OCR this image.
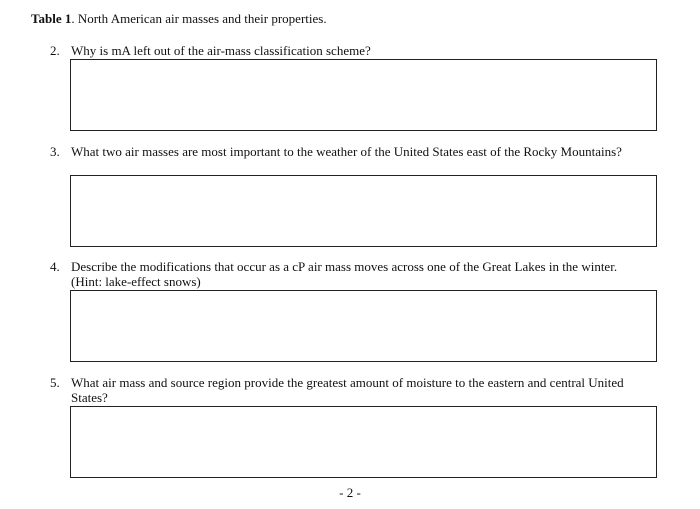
Table 1. North American air masses and their properties.
2. Why is mA left out of the air-mass classification scheme?
3. What two air masses are most important to the weather of the United States east of the Rocky Mountains?
4. Describe the modifications that occur as a cP air mass moves across one of the Great Lakes in the winter. (Hint: lake-effect snows)
5. What air mass and source region provide the greatest amount of moisture to the eastern and central United States?
- 2 -
